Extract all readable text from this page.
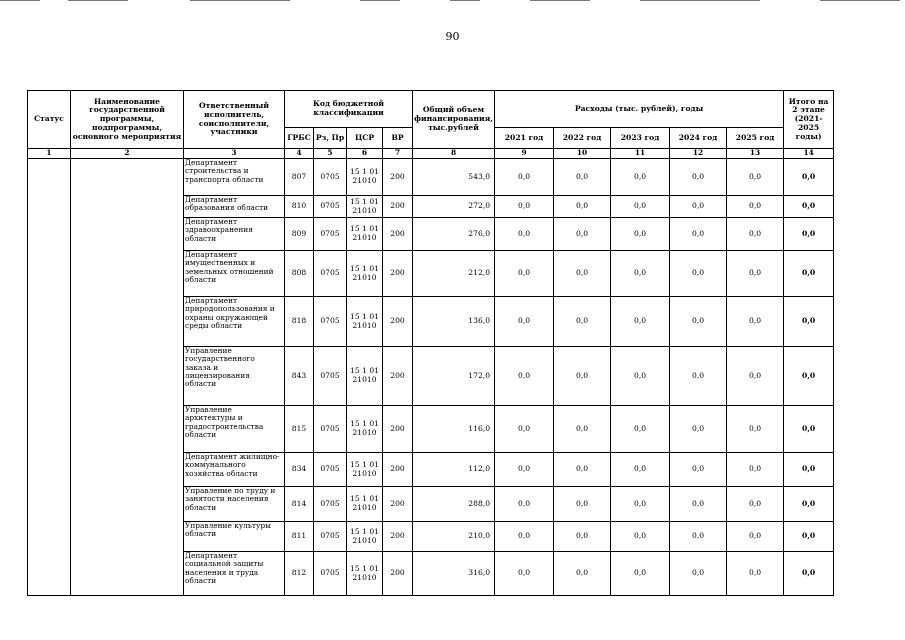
90
Статус	Наименование государственной программы, подпрограммы, основного мероприятия	Ответственный исполнитель, соисполнители, участники	Код бюджетной классификации				Общий объем финансирования, тыс.рублей	Расходы (тыс. рублей), годы					Итого на 2 этапе (2021-2025 годы)
			ГРБС	Рз, Пр	ЦСР	ВР		2021 год	2022 год	2023 год	2024 год	2025 год	
1	2	3	4	5	6	7	8	9	10	11	12	13	14
		Департамент строительства и транспорта области	807	0705	15 1 01 21010	200	543,0	0,0	0,0	0,0	0,0	0,0	0,0
		Департамент образования области	810	0705	15 1 01 21010	200	272,0	0,0	0,0	0,0	0,0	0,0	0,0
		Департамент здравоохранения области	809	0705	15 1 01 21010	200	276,0	0,0	0,0	0,0	0,0	0,0	0,0
		Департамент имущественных и земельных отношений области	808	0705	15 1 01 21010	200	212,0	0,0	0,0	0,0	0,0	0,0	0,0
		Департамент природопользования и охраны окружающей среды области	818	0705	15 1 01 21010	200	136,0	0,0	0,0	0,0	0,0	0,0	0,0
		Управление государственного заказа и лицензирования области	843	0705	15 1 01 21010	200	172,0	0,0	0,0	0,0	0,0	0,0	0,0
		Управление архитектуры и градостроительства области	815	0705	15 1 01 21010	200	116,0	0,0	0,0	0,0	0,0	0,0	0,0
		Департамент жилищно-коммунального хозяйства области	834	0705	15 1 01 21010	200	112,0	0,0	0,0	0,0	0,0	0,0	0,0
		Управление по труду и занятости населения области	814	0705	15 1 01 21010	200	288,0	0,0	0,0	0,0	0,0	0,0	0,0
		Управление культуры области	811	0705	15 1 01 21010	200	210,0	0,0	0,0	0,0	0,0	0,0	0,0
		Департамент социальной защиты населения и труда области	812	0705	15 1 01 21010	200	316,0	0,0	0,0	0,0	0,0	0,0	0,0
